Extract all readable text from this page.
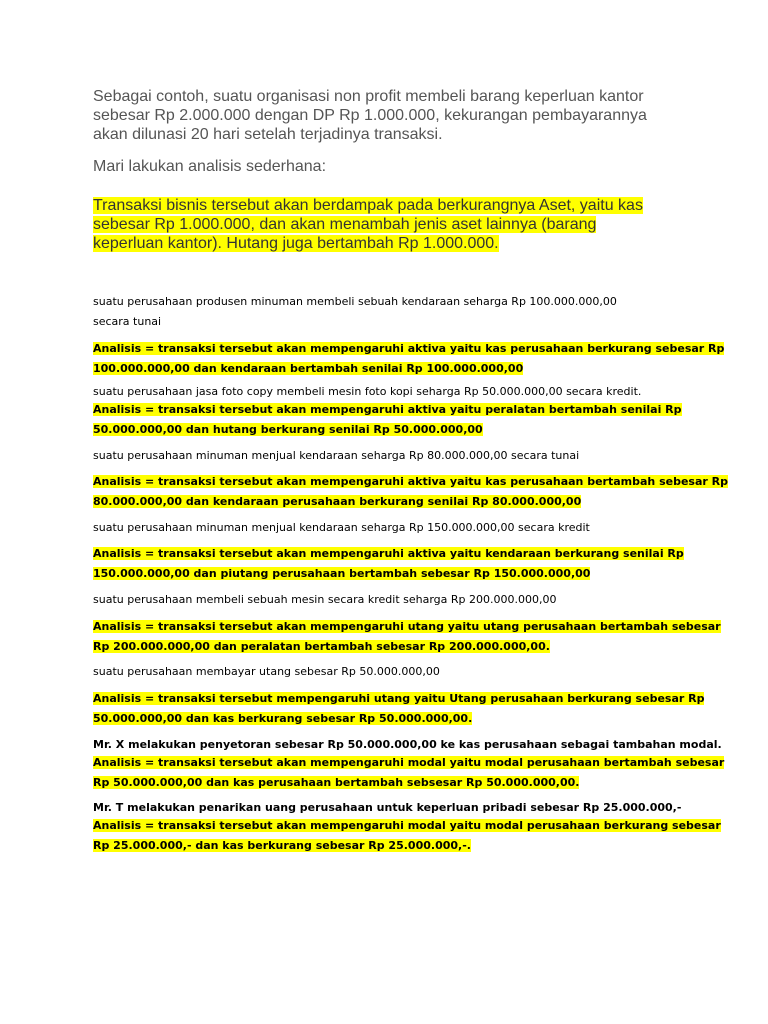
Sebagai contoh, suatu organisasi non profit membeli barang keperluan kantor
sebesar Rp 2.000.000 dengan DP Rp 1.000.000, kekurangan pembayarannya
akan dilunasi 20 hari setelah terjadinya transaksi.

Mari lakukan analisis sederhana:

Transaksi bisnis tersebut akan berdampak pada berkurangnya Aset, yaitu kas
sebesar Rp 1.000.000, dan akan menambah jenis aset lainnya (barang
keperluan kantor). Hutang juga bertambah Rp 1.000.000.

suatu perusahaan produsen minuman membeli sebuah kendaraan seharga Rp 100.000.000,00
secara tunai
Analisis = transaksi tersebut akan mempengaruhi aktiva yaitu kas perusahaan berkurang sebesar Rp
100.000.000,00 dan kendaraan bertambah senilai Rp 100.000.000,00
suatu perusahaan jasa foto copy membeli mesin foto kopi seharga Rp 50.000.000,00 secara kredit.
Analisis = transaksi tersebut akan mempengaruhi aktiva yaitu peralatan bertambah senilai Rp
50.000.000,00 dan hutang berkurang senilai Rp 50.000.000,00
suatu perusahaan minuman menjual kendaraan seharga Rp 80.000.000,00 secara tunai
Analisis = transaksi tersebut akan mempengaruhi aktiva yaitu kas perusahaan bertambah sebesar Rp
80.000.000,00 dan kendaraan perusahaan berkurang senilai Rp 80.000.000,00
suatu perusahaan minuman menjual kendaraan seharga Rp 150.000.000,00 secara kredit
Analisis = transaksi tersebut akan mempengaruhi aktiva yaitu kendaraan berkurang senilai Rp
150.000.000,00 dan piutang perusahaan bertambah sebesar Rp 150.000.000,00
suatu perusahaan membeli sebuah mesin secara kredit seharga Rp 200.000.000,00
Analisis = transaksi tersebut akan mempengaruhi utang yaitu utang perusahaan bertambah sebesar
Rp 200.000.000,00 dan peralatan bertambah sebesar Rp 200.000.000,00.
suatu perusahaan membayar utang sebesar Rp 50.000.000,00
Analisis = transaksi tersebut mempengaruhi utang yaitu Utang perusahaan berkurang sebesar Rp
50.000.000,00 dan kas berkurang sebesar Rp 50.000.000,00.
Mr. X melakukan penyetoran sebesar Rp 50.000.000,00 ke kas perusahaan sebagai tambahan modal.
Analisis = transaksi tersebut akan mempengaruhi modal yaitu modal perusahaan bertambah sebesar
Rp 50.000.000,00 dan kas perusahaan bertambah sebsesar Rp 50.000.000,00.
Mr. T melakukan penarikan uang perusahaan untuk keperluan pribadi sebesar Rp 25.000.000,-
Analisis = transaksi tersebut akan mempengaruhi modal yaitu modal perusahaan berkurang sebesar
Rp 25.000.000,- dan kas berkurang sebesar Rp 25.000.000,-.
